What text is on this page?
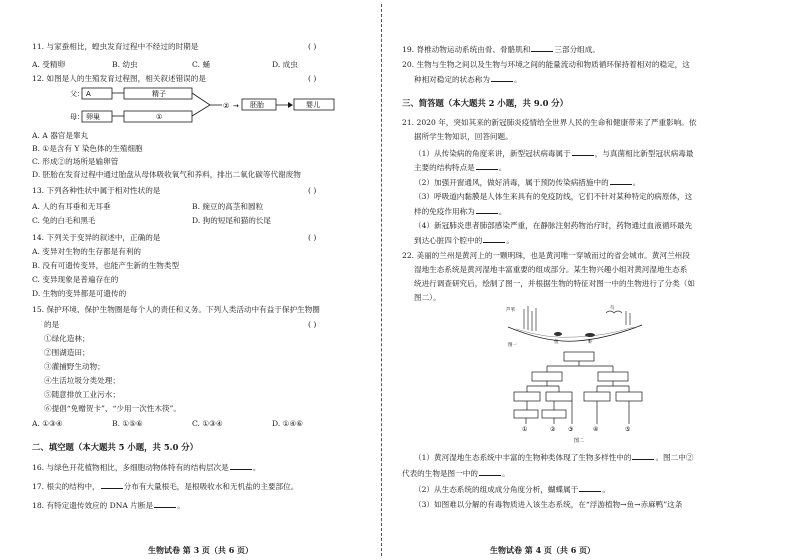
11. 与家蚕相比，蝗虫发育过程中不经过的时期是	( )
A. 受精卵	B. 幼虫	C. 蛹	D. 成虫
12. 如图是人的生殖发育过程图，相关叙述错误的是	( )
父： A	精子
母： 卵巢	①
② → 胚胎	婴儿
A. A 器官是睾丸
B. ①是含有 Y 染色体的生殖细胞
C. 形成②的场所是输卵管
D. 胚胎在发育过程中通过胎盘从母体吸收氧气和养料，排出二氧化碳等代谢废物
13. 下列各种性状中属于相对性状的是	( )
A. 人的有耳垂和无耳垂	B. 豌豆的高茎和圆粒
C. 兔的白毛和黑毛	D. 狗的短尾和猫的长尾
14. 下列关于变异的叙述中，正确的是	( )
A. 变异对生物的生存都是有利的
B. 没有可遗传变异，也能产生新的生物类型
C. 变异现象是普遍存在的
D. 生物的变异都是可遗传的
15. 保护环境、保护生物圈是每个人的责任和义务。下列人类活动中有益于保护生物圈
的是	( )
①绿化造林；
②围湖造田；
③灌捕野生动物；
④生活垃圾分类处理；
⑤随意排放工业污水；
⑥提倡“免赠贺卡”、“少用一次性木筷”。
A. ①③④	B. ①⑤⑥	C. ①③④	D. ①④⑥
二、填空题（本大题共 5 小题，共 5.0 分）
16. 与绿色开花植物相比，多细胞动物体特有的结构层次是	。
17. 根尖的结构中，	分布有大量根毛，是根吸收水和无机盐的主要部位。
18. 有特定遗传效应的 DNA 片断是	。
生物试卷 第 3 页（共 6 页）
19. 脊椎动物运动系统由骨、骨骼肌和	三部分组成。
20. 生物与生物之间以及生物与环境之间的能量流动和物质循环保持着相对的稳定，这
种相对稳定的状态称为	。
三、简答题（本大题共 2 小题，共 9.0 分）
21. 2020 年，突如其来的新冠肺炎疫情给全世界人民的生命和健康带来了严重影响。依
据所学生物知识，回答问题。
（1）从传染病的角度来讲，新型冠状病毒属于	，与真菌相比新型冠状病毒最
主要的结构特点是	。
（2）加强开窗通风，做好消毒，属于预防传染病措施中的	。
（3）呼吸道内黏膜是人体生来具有的免疫防线，它们不针对某种特定的病原体，这
样的免疫作用称为	。
（4）新冠肺炎患者肺部感染严重，在静脉注射药物治疗时，药物通过血液循环最先
到达心脏四个腔中的	。
22. 美丽的兰州是黄河上的一颗明珠，也是黄河唯一穿城而过的省会城市。黄河兰州段
湿地生态系统是黄河湿地丰富重要的组成部分。某生物兴趣小组对黄河湿地生态系
统进行调查研究后，绘制了图一，并根据生物的特征对图一中的生物进行了分类（如
图二）。
芦苇	鸟
鱼	虾
图一
①	② ③	④	⑤
图二
（1）黄河湿地生态系统中丰富的生物种类体现了生物多样性中的	。图二中②
代表的生物是图一中的	。
（2）从生态系统的组成成分角度分析，蝴蝶属于	。
（3）如图难以分解的有毒物质进入该生态系统，在“浮游植物→鱼→赤麻鸭”这条
生物试卷 第 4 页（共 6 页）
